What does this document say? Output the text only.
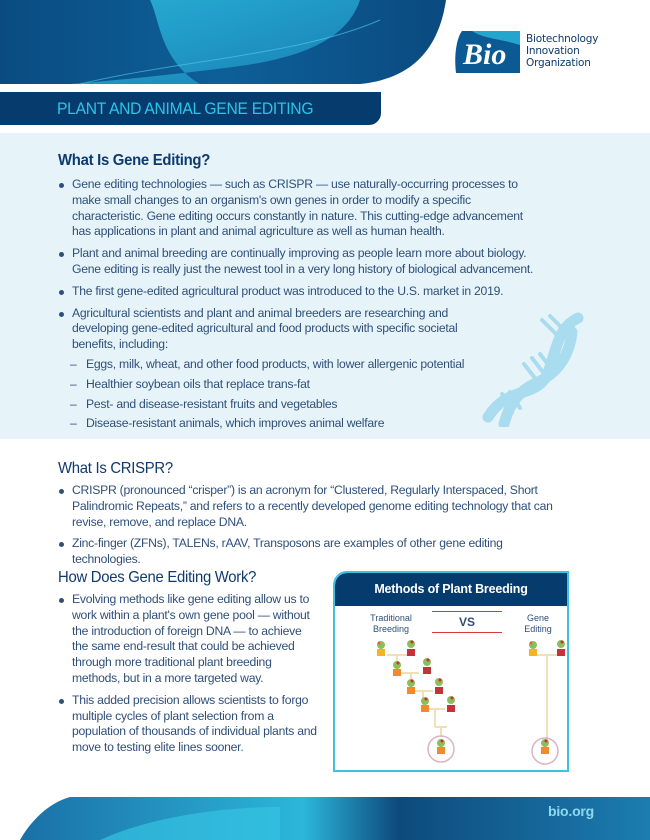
Bio Biotechnology
Innovation
Organization
PLANT AND ANIMAL GENE EDITING
What Is Gene Editing?
Gene editing technologies — such as CRISPR — use naturally-occurring processes to make small changes to an organism's own genes in order to modify a specific characteristic. Gene editing occurs constantly in nature. This cutting-edge advancement has applications in plant and animal agriculture as well as human health.
Plant and animal breeding are continually improving as people learn more about biology. Gene editing is really just the newest tool in a very long history of biological advancement.
The first gene-edited agricultural product was introduced to the U.S. market in 2019.
Agricultural scientists and plant and animal breeders are researching and developing gene-edited agricultural and food products with specific societal benefits, including:
– Eggs, milk, wheat, and other food products, with lower allergenic potential
– Healthier soybean oils that replace trans-fat
– Pest- and disease-resistant fruits and vegetables
– Disease-resistant animals, which improves animal welfare
What Is CRISPR?
CRISPR (pronounced “crisper”) is an acronym for “Clustered, Regularly Interspaced, Short Palindromic Repeats,” and refers to a recently developed genome editing technology that can revise, remove, and replace DNA.
Zinc-finger (ZFNs), TALENs, rAAV, Transposons are examples of other gene editing technologies.
How Does Gene Editing Work?
Evolving methods like gene editing allow us to work within a plant's own gene pool — without the introduction of foreign DNA — to achieve the same end-result that could be achieved through more traditional plant breeding methods, but in a more targeted way.
This added precision allows scientists to forgo multiple cycles of plant selection from a population of thousands of individual plants and move to testing elite lines sooner.
Methods of Plant Breeding
Traditional Breeding	VS	Gene Editing
bio.org
